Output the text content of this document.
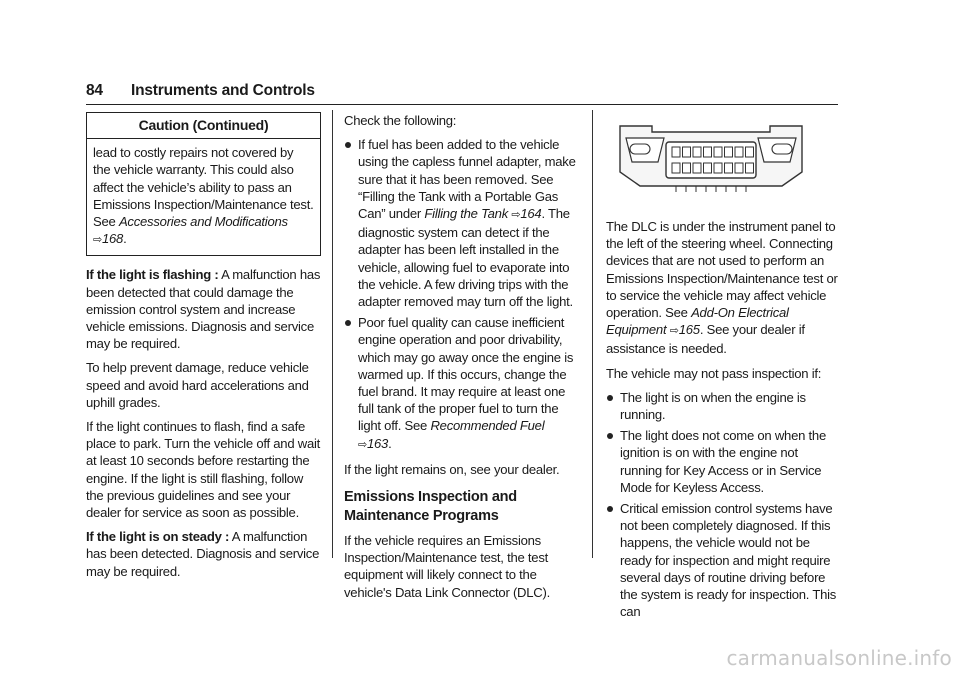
84 Instruments and Controls
Caution (Continued)
lead to costly repairs not covered by the vehicle warranty. This could also affect the vehicle’s ability to pass an Emissions Inspection/Maintenance test. See Accessories and Modifications ⇨168.

If the light is flashing : A malfunction has been detected that could damage the emission control system and increase vehicle emissions. Diagnosis and service may be required.

To help prevent damage, reduce vehicle speed and avoid hard accelerations and uphill grades.

If the light continues to flash, find a safe place to park. Turn the vehicle off and wait at least 10 seconds before restarting the engine. If the light is still flashing, follow the previous guidelines and see your dealer for service as soon as possible.

If the light is on steady : A malfunction has been detected. Diagnosis and service may be required.

Check the following:

If fuel has been added to the vehicle using the capless funnel adapter, make sure that it has been removed. See “Filling the Tank with a Portable Gas Can” under Filling the Tank ⇨164. The diagnostic system can detect if the adapter has been left installed in the vehicle, allowing fuel to evaporate into the vehicle. A few driving trips with the adapter removed may turn off the light.
Poor fuel quality can cause inefficient engine operation and poor drivability, which may go away once the engine is warmed up. If this occurs, change the fuel brand. It may require at least one full tank of the proper fuel to turn the light off. See Recommended Fuel ⇨163.

If the light remains on, see your dealer.

Emissions Inspection and Maintenance Programs

If the vehicle requires an Emissions Inspection/Maintenance test, the test equipment will likely connect to the vehicle's Data Link Connector (DLC).

The DLC is under the instrument panel to the left of the steering wheel. Connecting devices that are not used to perform an Emissions Inspection/Maintenance test or to service the vehicle may affect vehicle operation. See Add-On Electrical Equipment ⇨165. See your dealer if assistance is needed.

The vehicle may not pass inspection if:

The light is on when the engine is running.
The light does not come on when the ignition is on with the engine not running for Key Access or in Service Mode for Keyless Access.
Critical emission control systems have not been completely diagnosed. If this happens, the vehicle would not be ready for inspection and might require several days of routine driving before the system is ready for inspection. This can
carmanualsonline.info
